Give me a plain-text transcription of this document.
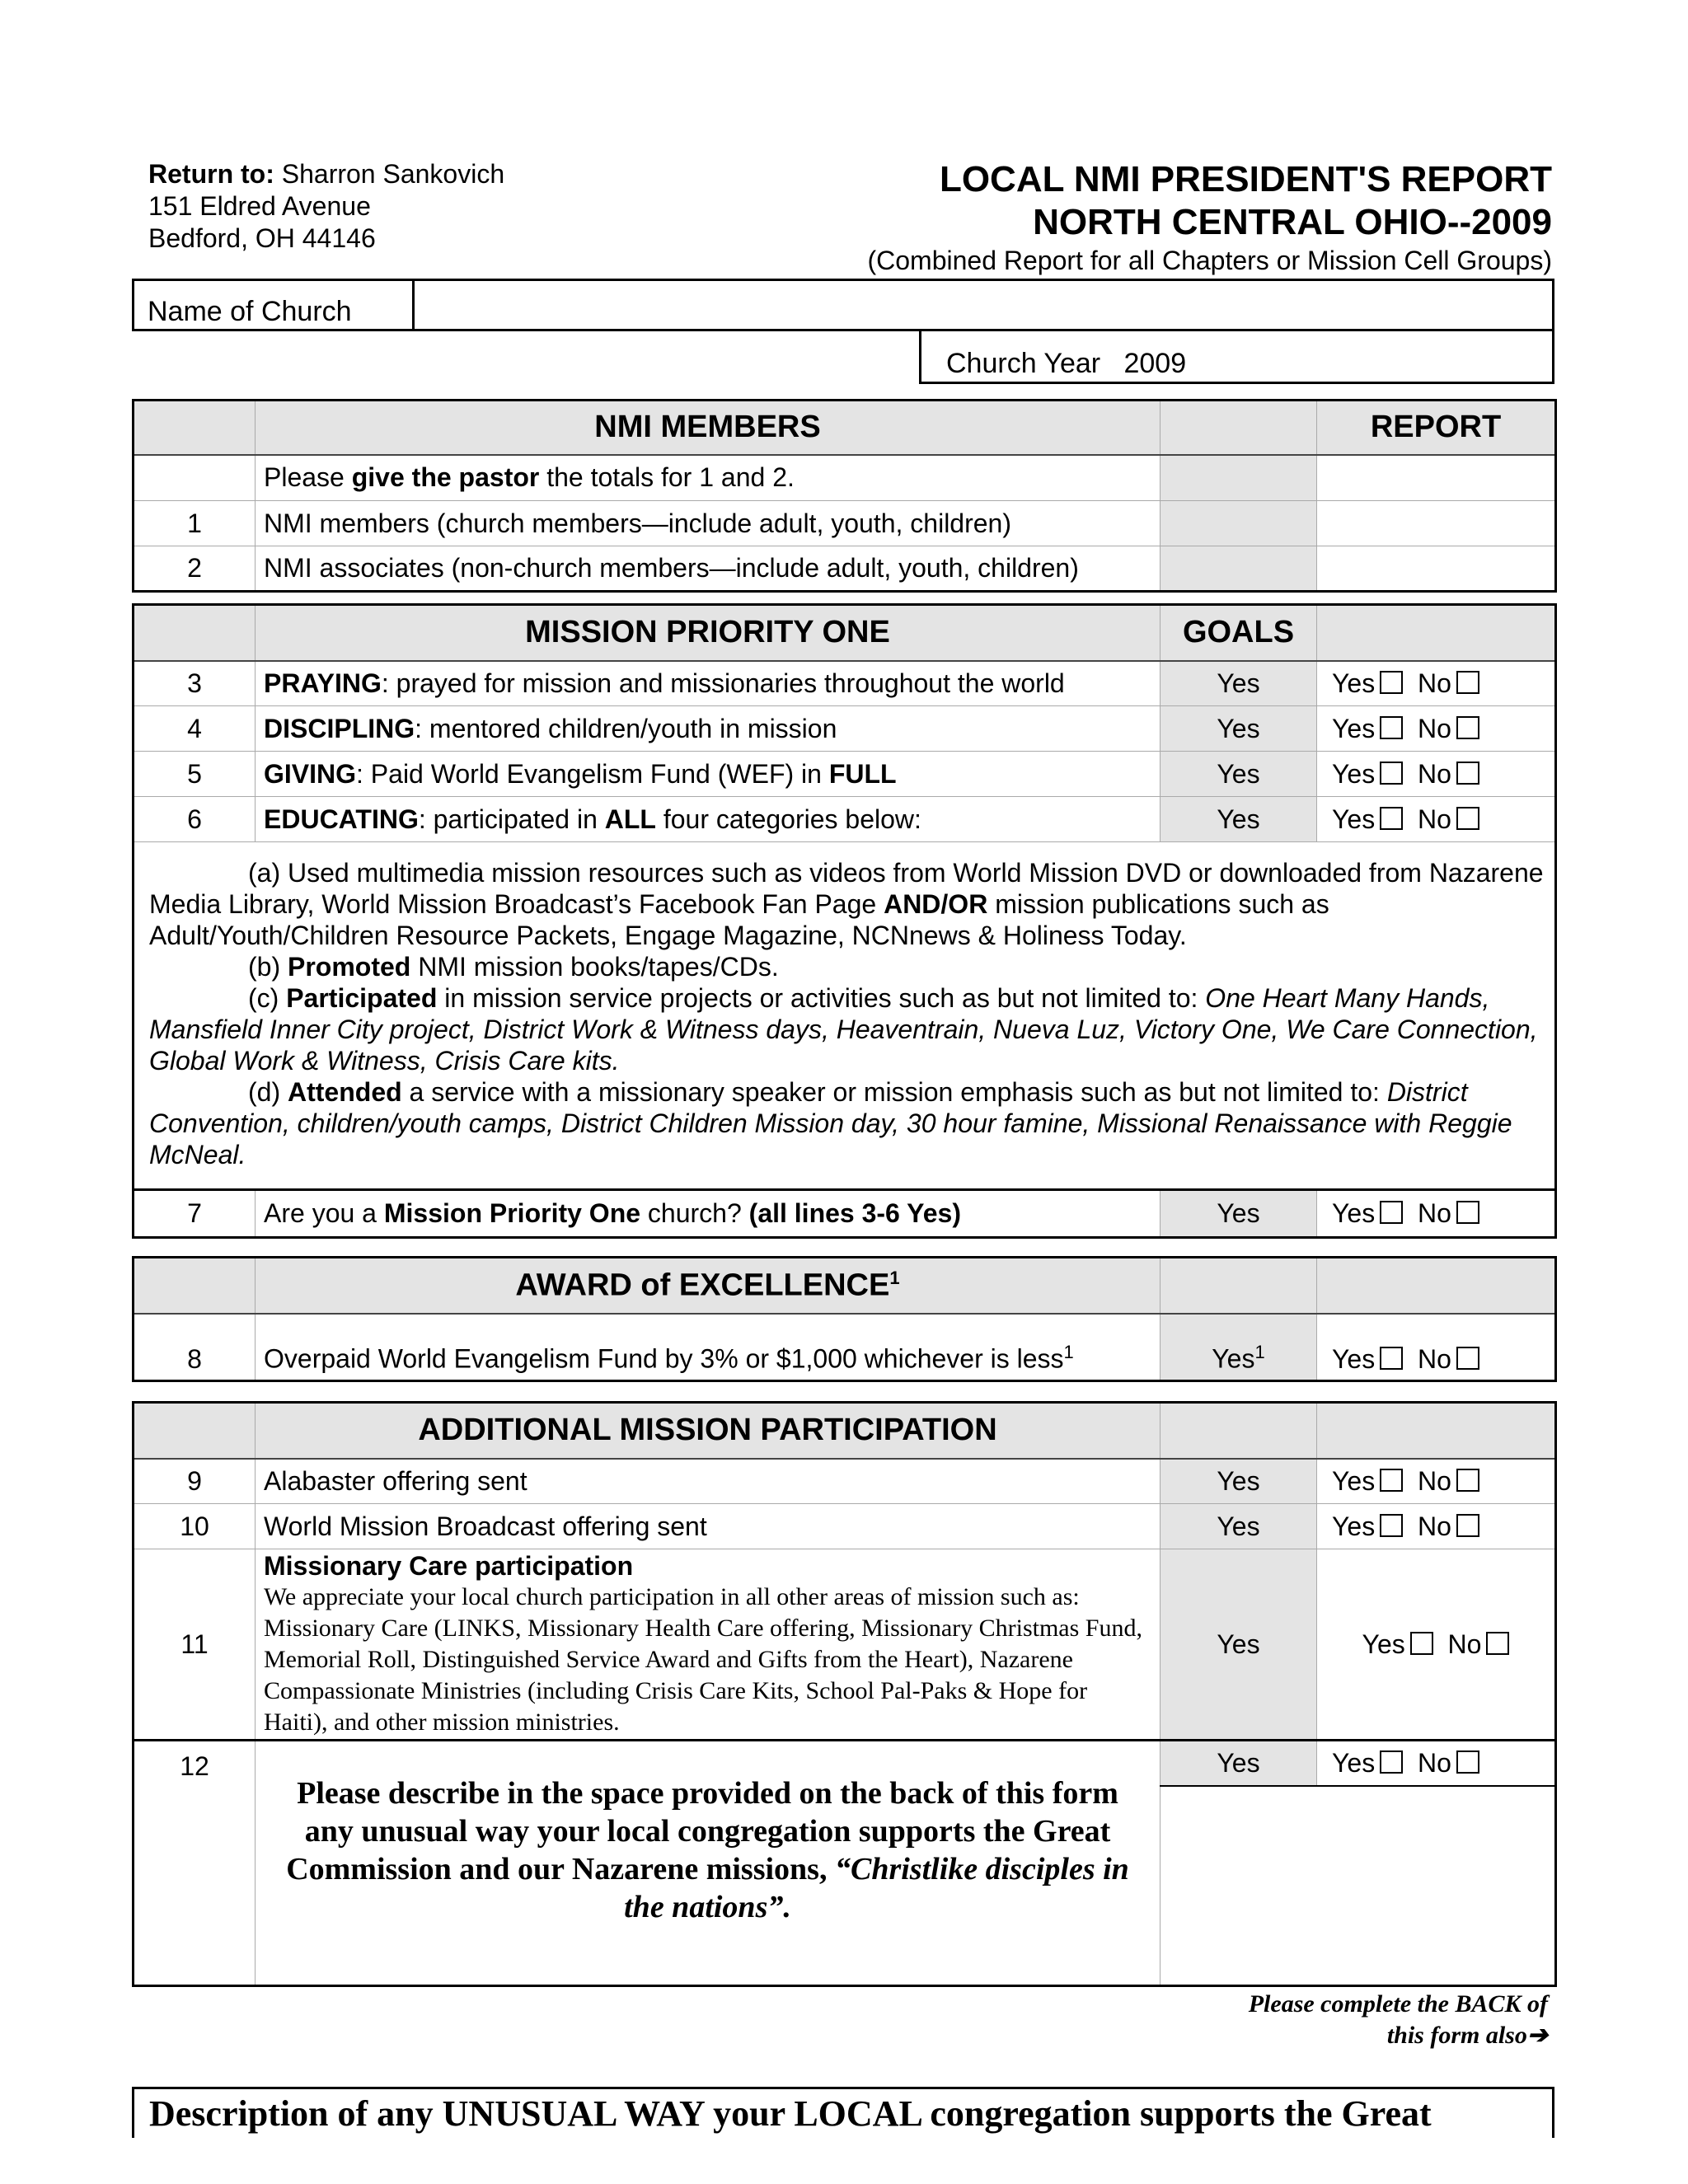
Return to: Sharron Sankovich
151 Eldred Avenue
Bedford, OH 44146
LOCAL NMI PRESIDENT'S REPORT
NORTH CENTRAL OHIO--2009
(Combined Report for all Chapters or Mission Cell Groups)
Name of Church
Church Year 2009
	NMI MEMBERS		REPORT
	Please give the pastor the totals for 1 and 2.		
1	NMI members (church members—include adult, youth, children)		
2	NMI associates (non-church members—include adult, youth, children)		
	MISSION PRIORITY ONE	GOALS	
3	PRAYING: prayed for mission and missionaries throughout the world	Yes	Yes No
4	DISCIPLING: mentored children/youth in mission	Yes	Yes No
5	GIVING: Paid World Evangelism Fund (WEF) in FULL	Yes	Yes No
6	EDUCATING: participated in ALL four categories below:	Yes	Yes No

(a) Used multimedia mission resources such as videos from World Mission DVD or downloaded from Nazarene Media Library, World Mission Broadcast’s Facebook Fan Page AND/OR mission publications such as Adult/Youth/Children Resource Packets, Engage Magazine, NCNnews & Holiness Today.
(b) Promoted NMI mission books/tapes/CDs.
(c) Participated in mission service projects or activities such as but not limited to: One Heart Many Hands, Mansfield Inner City project, District Work & Witness days, Heaventrain, Nueva Luz, Victory One, We Care Connection, Global Work & Witness, Crisis Care kits.
(d) Attended a service with a missionary speaker or mission emphasis such as but not limited to: District Convention, children/youth camps, District Children Mission day, 30 hour famine, Missional Renaissance with Reggie McNeal.			

7	Are you a Mission Priority One church? (all lines 3-6 Yes)	Yes	Yes No
	AWARD of EXCELLENCE$^1$		
8	Overpaid World Evangelism Fund by 3% or $1,000 whichever is less$^1$	Yes$^1$	Yes No
	ADDITIONAL MISSION PARTICIPATION		
9	Alabaster offering sent	Yes	Yes No
10	World Mission Broadcast offering sent	Yes	Yes No
11	Missionary Care participation
We appreciate your local church participation in all other areas of mission such as: Missionary Care (LINKS, Missionary Health Care offering, Missionary Christmas Fund, Memorial Roll, Distinguished Service Award and Gifts from the Heart), Nazarene Compassionate Ministries (including Crisis Care Kits, School Pal-Paks & Hope for Haiti), and other mission ministries.	Yes	Yes No
12	Please describe in the space provided on the back of this form any unusual way your local congregation supports the Great Commission and our Nazarene missions, “Christlike disciples in the nations”.	Yes	Yes No

Please complete the BACK of
this form also➔
Description of any UNUSUAL WAY your LOCAL congregation supports the Great
